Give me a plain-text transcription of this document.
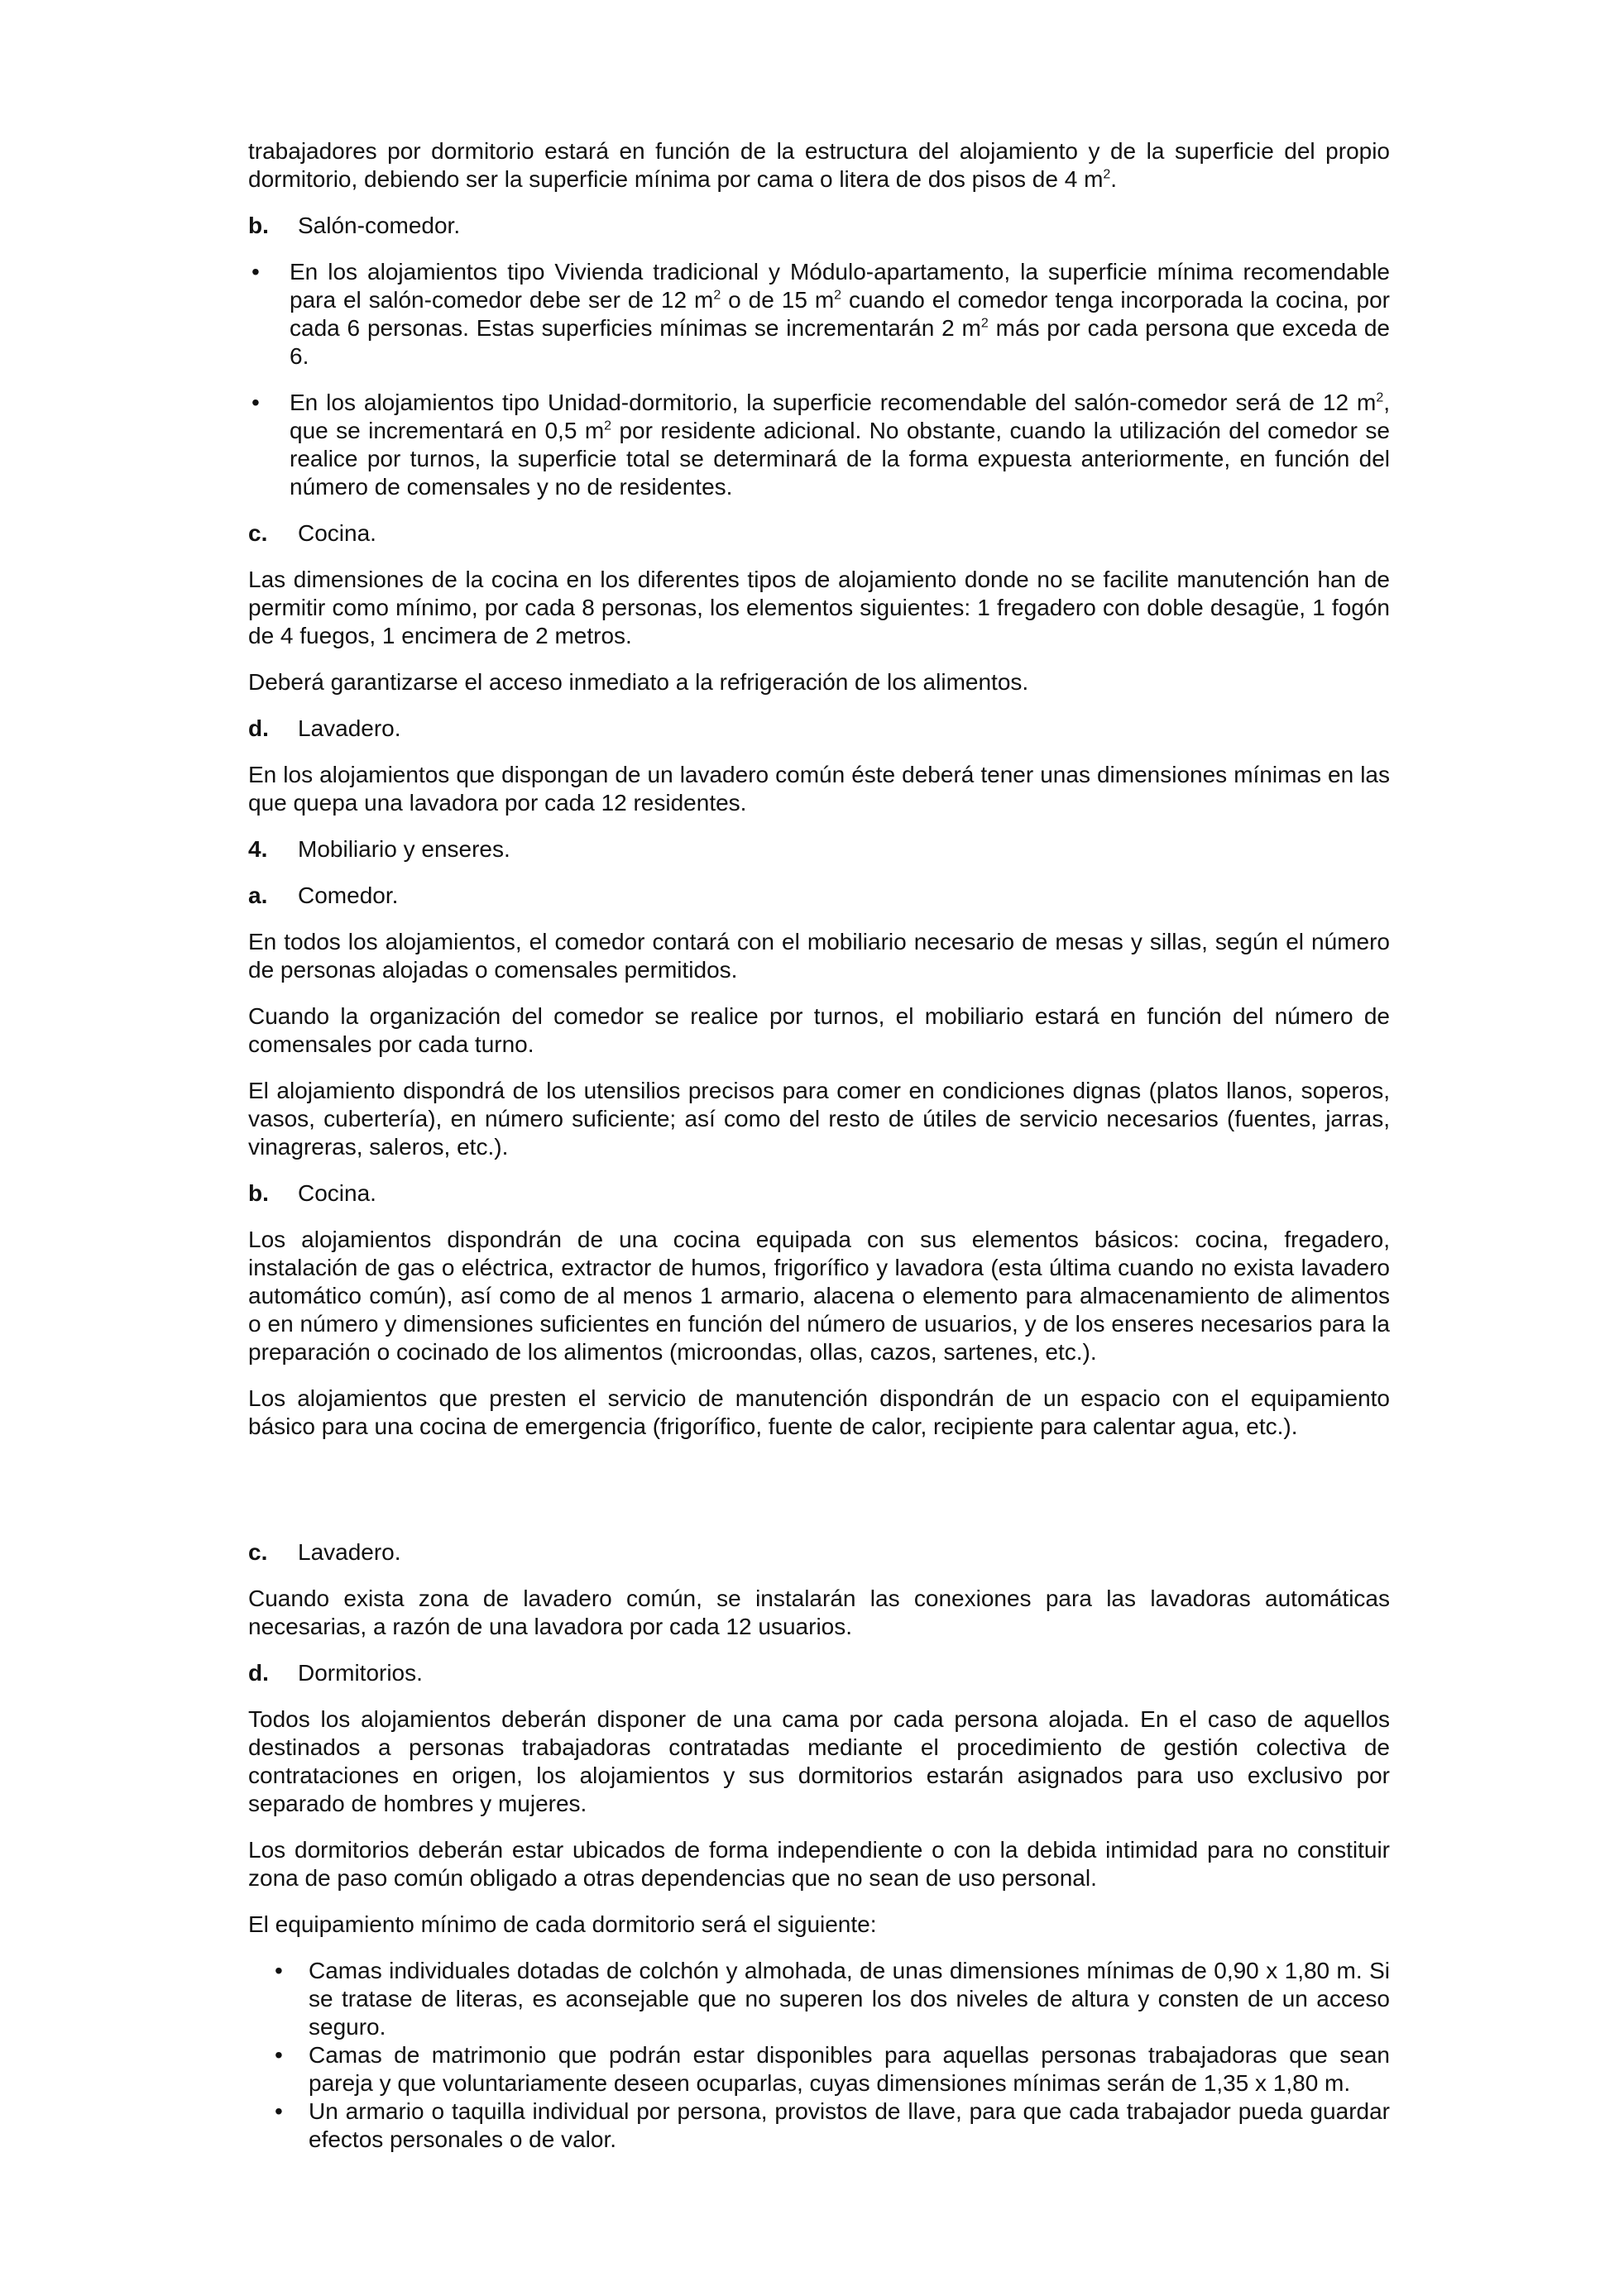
trabajadores por dormitorio estará en función de la estructura del alojamiento y de la superficie del propio dormitorio, debiendo ser la superficie mínima por cama o litera de dos pisos de 4 $m^2$.

b.	Salón-comedor.
•	En los alojamientos tipo Vivienda tradicional y Módulo-apartamento, la superficie mínima recomendable para el salón-comedor debe ser de 12 $m^2$ o de 15 $m^2$ cuando el comedor tenga incorporada la cocina, por cada 6 personas. Estas superficies mínimas se incrementarán 2 $m^2$ más por cada persona que exceda de 6.
•	En los alojamientos tipo Unidad-dormitorio, la superficie recomendable del salón-comedor será de 12 $m^2$, que se incrementará en 0,5 $m^2$ por residente adicional. No obstante, cuando la utilización del comedor se realice por turnos, la superficie total se determinará de la forma expuesta anteriormente, en función del número de comensales y no de residentes.
c.	Cocina.

Las dimensiones de la cocina en los diferentes tipos de alojamiento donde no se facilite manutención han de permitir como mínimo, por cada 8 personas, los elementos siguientes: 1 fregadero con doble desagüe, 1 fogón de 4 fuegos, 1 encimera de 2 metros.

Deberá garantizarse el acceso inmediato a la refrigeración de los alimentos.

d.	Lavadero.

En los alojamientos que dispongan de un lavadero común éste deberá tener unas dimensiones mínimas en las que quepa una lavadora por cada 12 residentes.

4.	Mobiliario y enseres.
a.	Comedor.

En todos los alojamientos, el comedor contará con el mobiliario necesario de mesas y sillas, según el número de personas alojadas o comensales permitidos.

Cuando la organización del comedor se realice por turnos, el mobiliario estará en función del número de comensales por cada turno.

El alojamiento dispondrá de los utensilios precisos para comer en condiciones dignas (platos llanos, soperos, vasos, cubertería), en número suficiente; así como del resto de útiles de servicio necesarios (fuentes, jarras, vinagreras, saleros, etc.).

b.	Cocina.

Los alojamientos dispondrán de una cocina equipada con sus elementos básicos: cocina, fregadero, instalación de gas o eléctrica, extractor de humos, frigorífico y lavadora (esta última cuando no exista lavadero automático común), así como de al menos 1 armario, alacena o elemento para almacenamiento de alimentos o en número y dimensiones suficientes en función del número de usuarios, y de los enseres necesarios para la preparación o cocinado de los alimentos (microondas, ollas, cazos, sartenes, etc.).

Los alojamientos que presten el servicio de manutención dispondrán de un espacio con el equipamiento básico para una cocina de emergencia (frigorífico, fuente de calor, recipiente para calentar agua, etc.).

c.	Lavadero.

Cuando exista zona de lavadero común, se instalarán las conexiones para las lavadoras automáticas necesarias, a razón de una lavadora por cada 12 usuarios.

d.	Dormitorios.

Todos los alojamientos deberán disponer de una cama por cada persona alojada. En el caso de aquellos destinados a personas trabajadoras contratadas mediante el procedimiento de gestión colectiva de contrataciones en origen, los alojamientos y sus dormitorios estarán asignados para uso exclusivo por separado de hombres y mujeres.

Los dormitorios deberán estar ubicados de forma independiente o con la debida intimidad para no constituir zona de paso común obligado a otras dependencias que no sean de uso personal.

El equipamiento mínimo de cada dormitorio será el siguiente:

•	Camas individuales dotadas de colchón y almohada, de unas dimensiones mínimas de 0,90 x 1,80 m. Si se tratase de literas, es aconsejable que no superen los dos niveles de altura y consten de un acceso seguro.
•	Camas de matrimonio que podrán estar disponibles para aquellas personas trabajadoras que sean pareja y que voluntariamente deseen ocuparlas, cuyas dimensiones mínimas serán de 1,35 x 1,80 m.
•	Un armario o taquilla individual por persona, provistos de llave, para que cada trabajador pueda guardar efectos personales o de valor.
